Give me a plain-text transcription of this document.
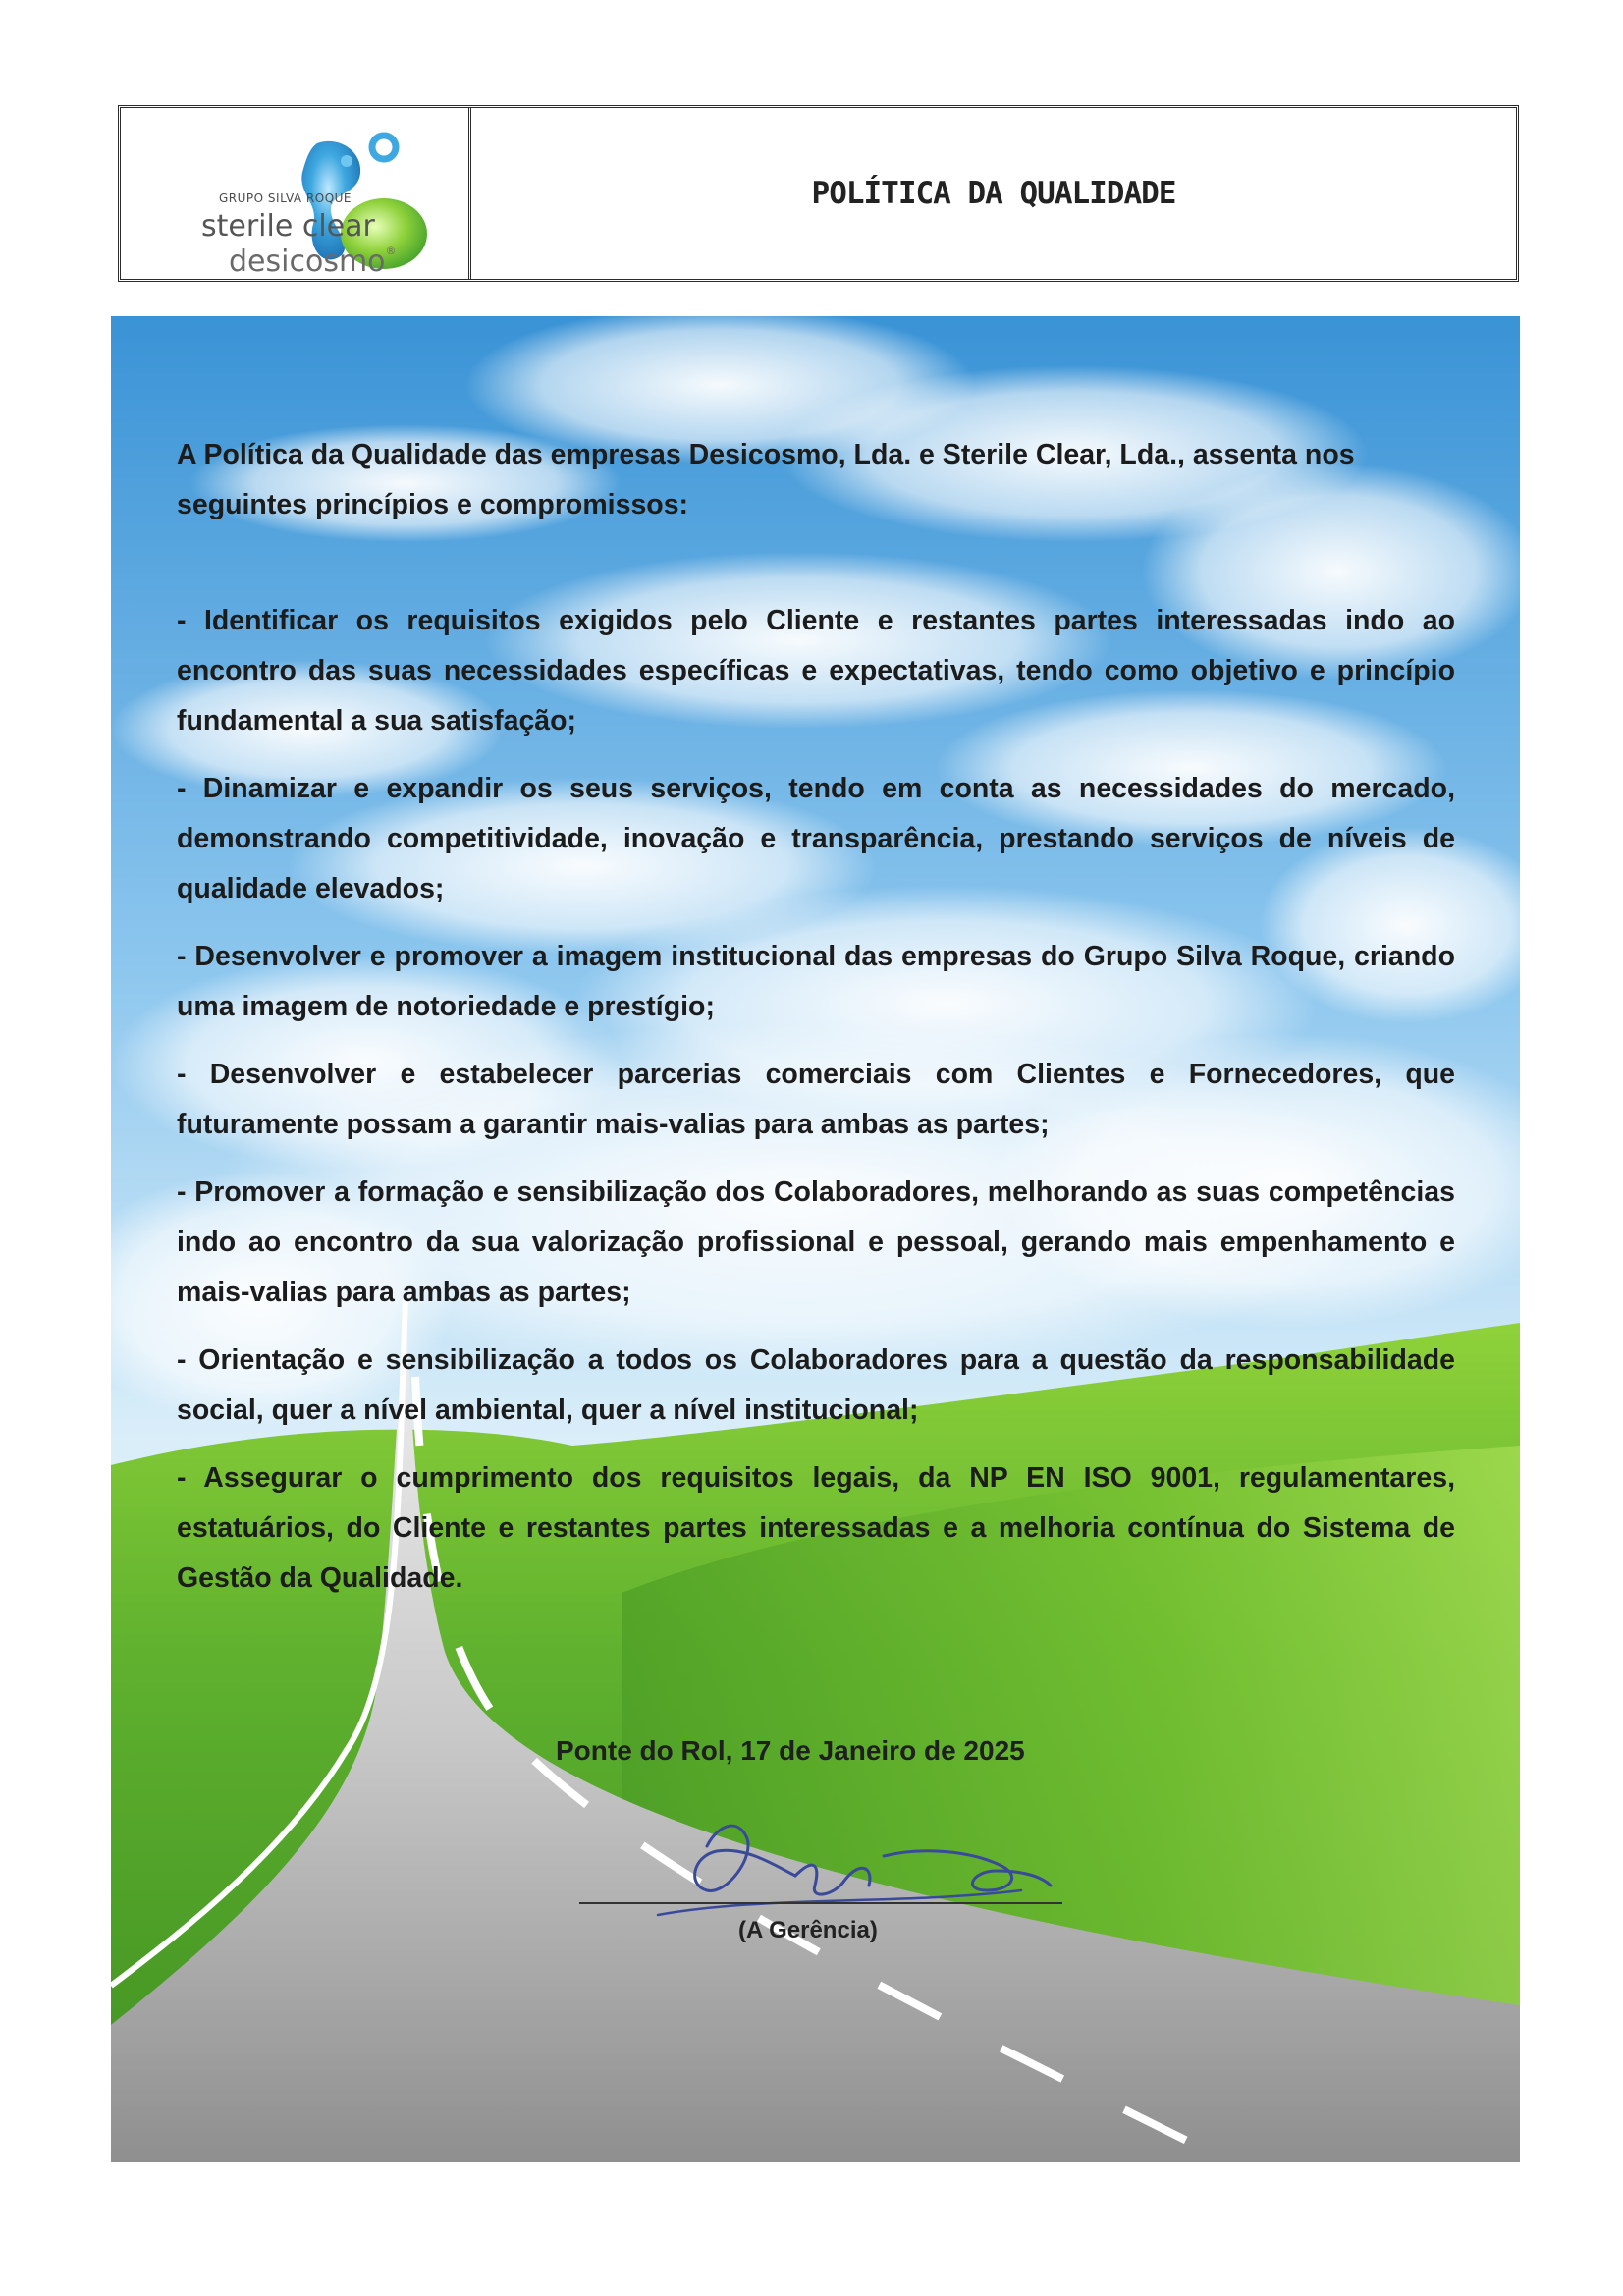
GRUPO SILVA ROQUE
sterile clear
desicosmo®
POLÍTICA DA QUALIDADE

A Política da Qualidade das empresas Desicosmo, Lda. e Sterile Clear, Lda., assenta nos seguintes princípios e compromissos:

- Identificar os requisitos exigidos pelo Cliente e restantes partes interessadas indo ao encontro das suas necessidades específicas e expectativas, tendo como objetivo e princípio fundamental a sua satisfação;

- Dinamizar e expandir os seus serviços, tendo em conta as necessidades do mercado, demonstrando competitividade, inovação e transparência, prestando serviços de níveis de qualidade elevados;

- Desenvolver e promover a imagem institucional das empresas do Grupo Silva Roque, criando uma imagem de notoriedade e prestígio;

- Desenvolver e estabelecer parcerias comerciais com Clientes e Fornecedores, que futuramente possam a garantir mais-valias para ambas as partes;

- Promover a formação e sensibilização dos Colaboradores, melhorando as suas competências indo ao encontro da sua valorização profissional e pessoal, gerando mais empenhamento e mais-valias para ambas as partes;

- Orientação e sensibilização a todos os Colaboradores para a questão da responsabilidade social, quer a nível ambiental, quer a nível institucional;

- Assegurar o cumprimento dos requisitos legais, da NP EN ISO 9001, regulamentares, estatuários, do Cliente e restantes partes interessadas e a melhoria contínua do Sistema de Gestão da Qualidade.

Ponte do Rol, 17 de Janeiro de 2025
(A Gerência)
